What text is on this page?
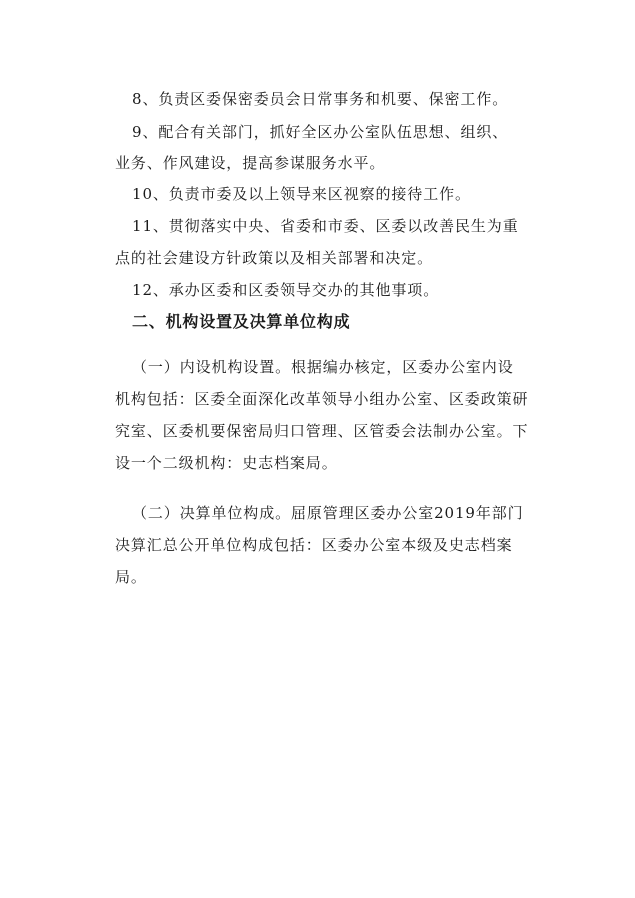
8、负责区委保密委员会日常事务和机要、保密工作。
9、配合有关部门，抓好全区办公室队伍思想、组织、
业务、作风建设，提高参谋服务水平。
10、负责市委及以上领导来区视察的接待工作。
11、贯彻落实中央、省委和市委、区委以改善民生为重
点的社会建设方针政策以及相关部署和决定。
12、承办区委和区委领导交办的其他事项。
二、机构设置及决算单位构成
（一）内设机构设置。根据编办核定，区委办公室内设
机构包括：区委全面深化改革领导小组办公室、区委政策研
究室、区委机要保密局归口管理、区管委会法制办公室。下
设一个二级机构：史志档案局。
（二）决算单位构成。屈原管理区委办公室2019年部门
决算汇总公开单位构成包括：区委办公室本级及史志档案
局。
